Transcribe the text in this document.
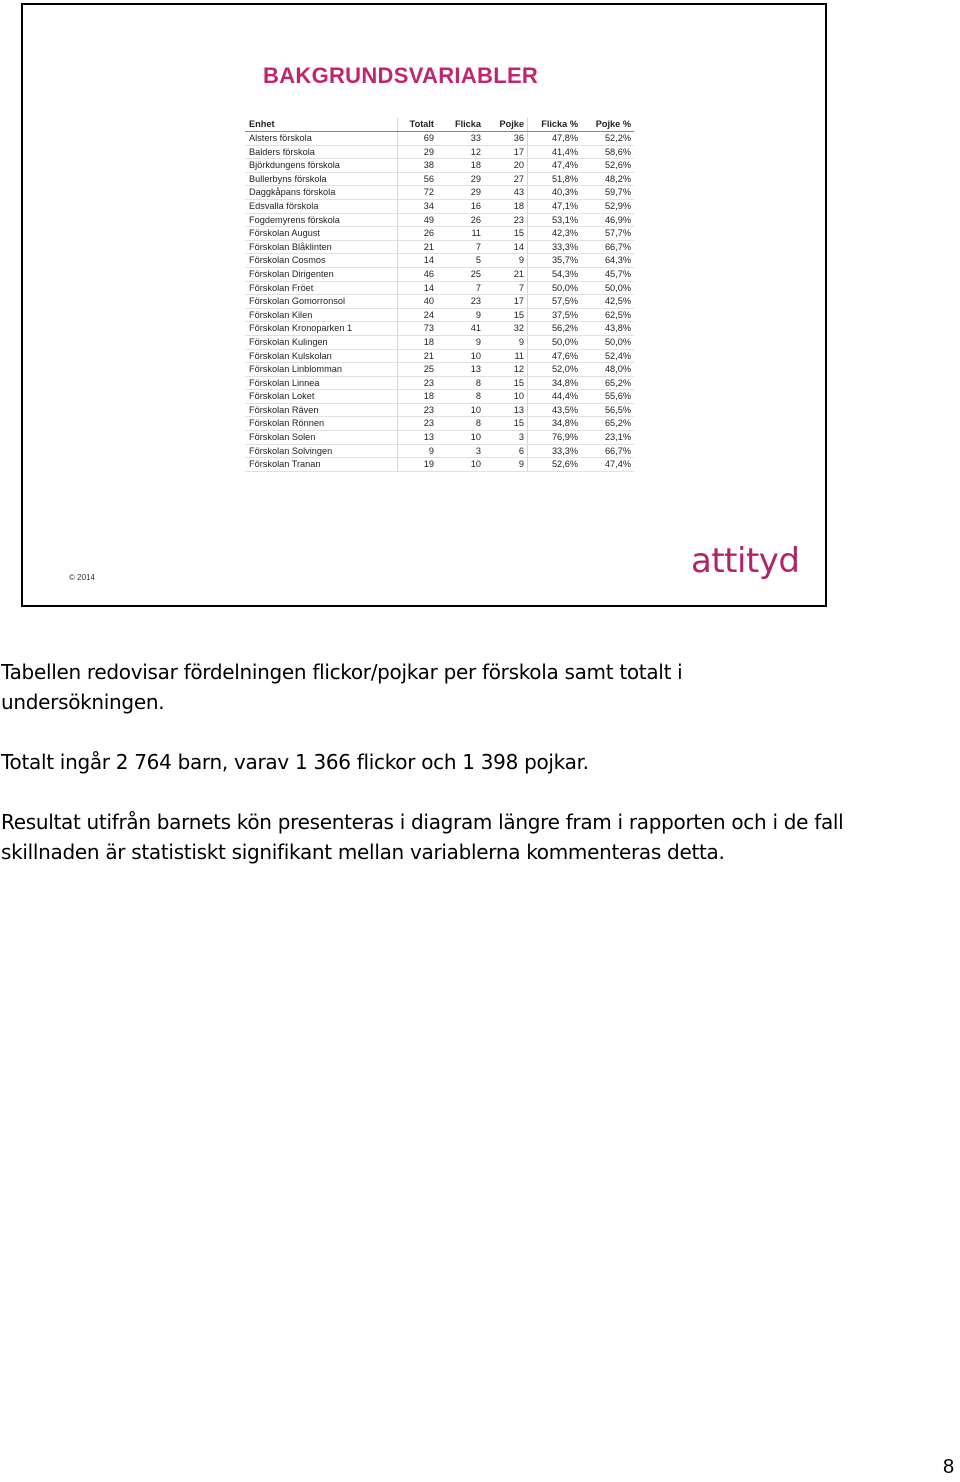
BAKGRUNDSVARIABLER
Enhet	Totalt	Flicka	Pojke	Flicka %	Pojke %
Alsters förskola	69	33	36	47,8%	52,2%
Balders förskola	29	12	17	41,4%	58,6%
Björkdungens förskola	38	18	20	47,4%	52,6%
Bullerbyns förskola	56	29	27	51,8%	48,2%
Daggkåpans förskola	72	29	43	40,3%	59,7%
Edsvalla förskola	34	16	18	47,1%	52,9%
Fogdemyrens förskola	49	26	23	53,1%	46,9%
Förskolan August	26	11	15	42,3%	57,7%
Förskolan Blåklinten	21	7	14	33,3%	66,7%
Förskolan Cosmos	14	5	9	35,7%	64,3%
Förskolan Dirigenten	46	25	21	54,3%	45,7%
Förskolan Fröet	14	7	7	50,0%	50,0%
Förskolan Gomorronsol	40	23	17	57,5%	42,5%
Förskolan Kilen	24	9	15	37,5%	62,5%
Förskolan Kronoparken 1	73	41	32	56,2%	43,8%
Förskolan Kulingen	18	9	9	50,0%	50,0%
Förskolan Kulskolan	21	10	11	47,6%	52,4%
Förskolan Linblomman	25	13	12	52,0%	48,0%
Förskolan Linnea	23	8	15	34,8%	65,2%
Förskolan Loket	18	8	10	44,4%	55,6%
Förskolan Räven	23	10	13	43,5%	56,5%
Förskolan Rönnen	23	8	15	34,8%	65,2%
Förskolan Solen	13	10	3	76,9%	23,1%
Förskolan Solvingen	9	3	6	33,3%	66,7%
Förskolan Tranan	19	10	9	52,6%	47,4%
© 2014	attityd

Tabellen redovisar fördelningen flickor/pojkar per förskola samt totalt i undersökningen.

Totalt ingår 2 764 barn, varav 1 366 flickor och 1 398 pojkar.

Resultat utifrån barnets kön presenteras i diagram längre fram i rapporten och i de fall skillnaden är statistiskt signifikant mellan variablerna kommenteras detta.

8
